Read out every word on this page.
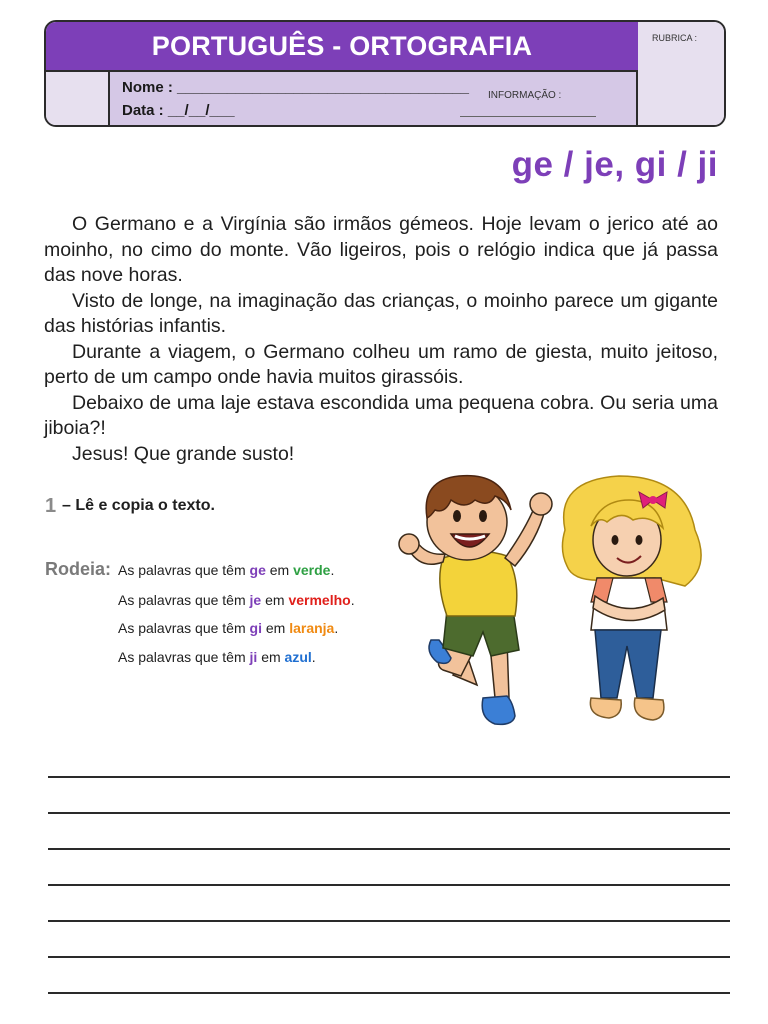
PORTUGUÊS - ORTOGRAFIA
Nome : ___________________________________
Data : __/__/___
INFORMAÇÃO :
RUBRICA :
ge / je, gi / ji

O Germano e a Virgínia são irmãos gémeos. Hoje levam o jerico até ao moinho, no cimo do monte. Vão ligeiros, pois o relógio indica que já passa das nove horas.

Visto de longe, na imaginação das crianças, o moinho parece um gigante das histórias infantis.

Durante a viagem, o Germano colheu um ramo de giesta, muito jeitoso, perto de um campo onde havia muitos girassóis.

Debaixo de uma laje estava escondida uma pequena cobra. Ou seria uma jiboia?!

Jesus! Que grande susto!

1 – Lê e copia o texto.
Rodeia: As palavras que têm ge em verde.
As palavras que têm je em vermelho.
As palavras que têm gi em laranja.
As palavras que têm ji em azul.
